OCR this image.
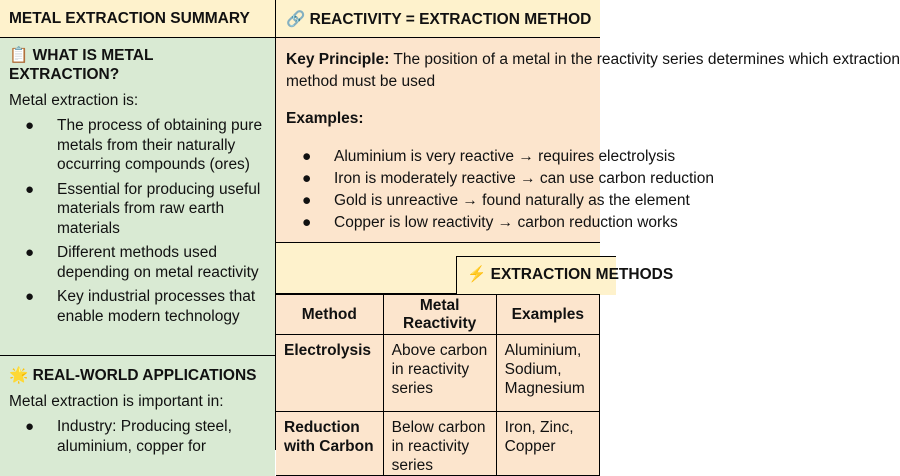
METAL EXTRACTION SUMMARY
📋 WHAT IS METAL EXTRACTION?
Metal extraction is:
● The process of obtaining pure metals from their naturally occurring compounds (ores)
● Essential for producing useful materials from raw earth materials
● Different methods used depending on metal reactivity
● Key industrial processes that enable modern technology
🌟 REAL-WORLD APPLICATIONS
Metal extraction is important in:
● Industry: Producing steel, aluminium, copper for
🔗 REACTIVITY = EXTRACTION METHOD
Key Principle: The position of a metal in the reactivity series determines which extraction
method must be used
Examples:
● Aluminium is very reactive → requires electrolysis
● Iron is moderately reactive → can use carbon reduction
● Gold is unreactive → found naturally as the element
● Copper is low reactivity → carbon reduction works
⚡ EXTRACTION METHODS
Method	Metal Reactivity	Examples
Electrolysis	Above carbon in reactivity series	Aluminium, Sodium, Magnesium
Reduction with Carbon	Below carbon in reactivity series	Iron, Zinc, Copper
